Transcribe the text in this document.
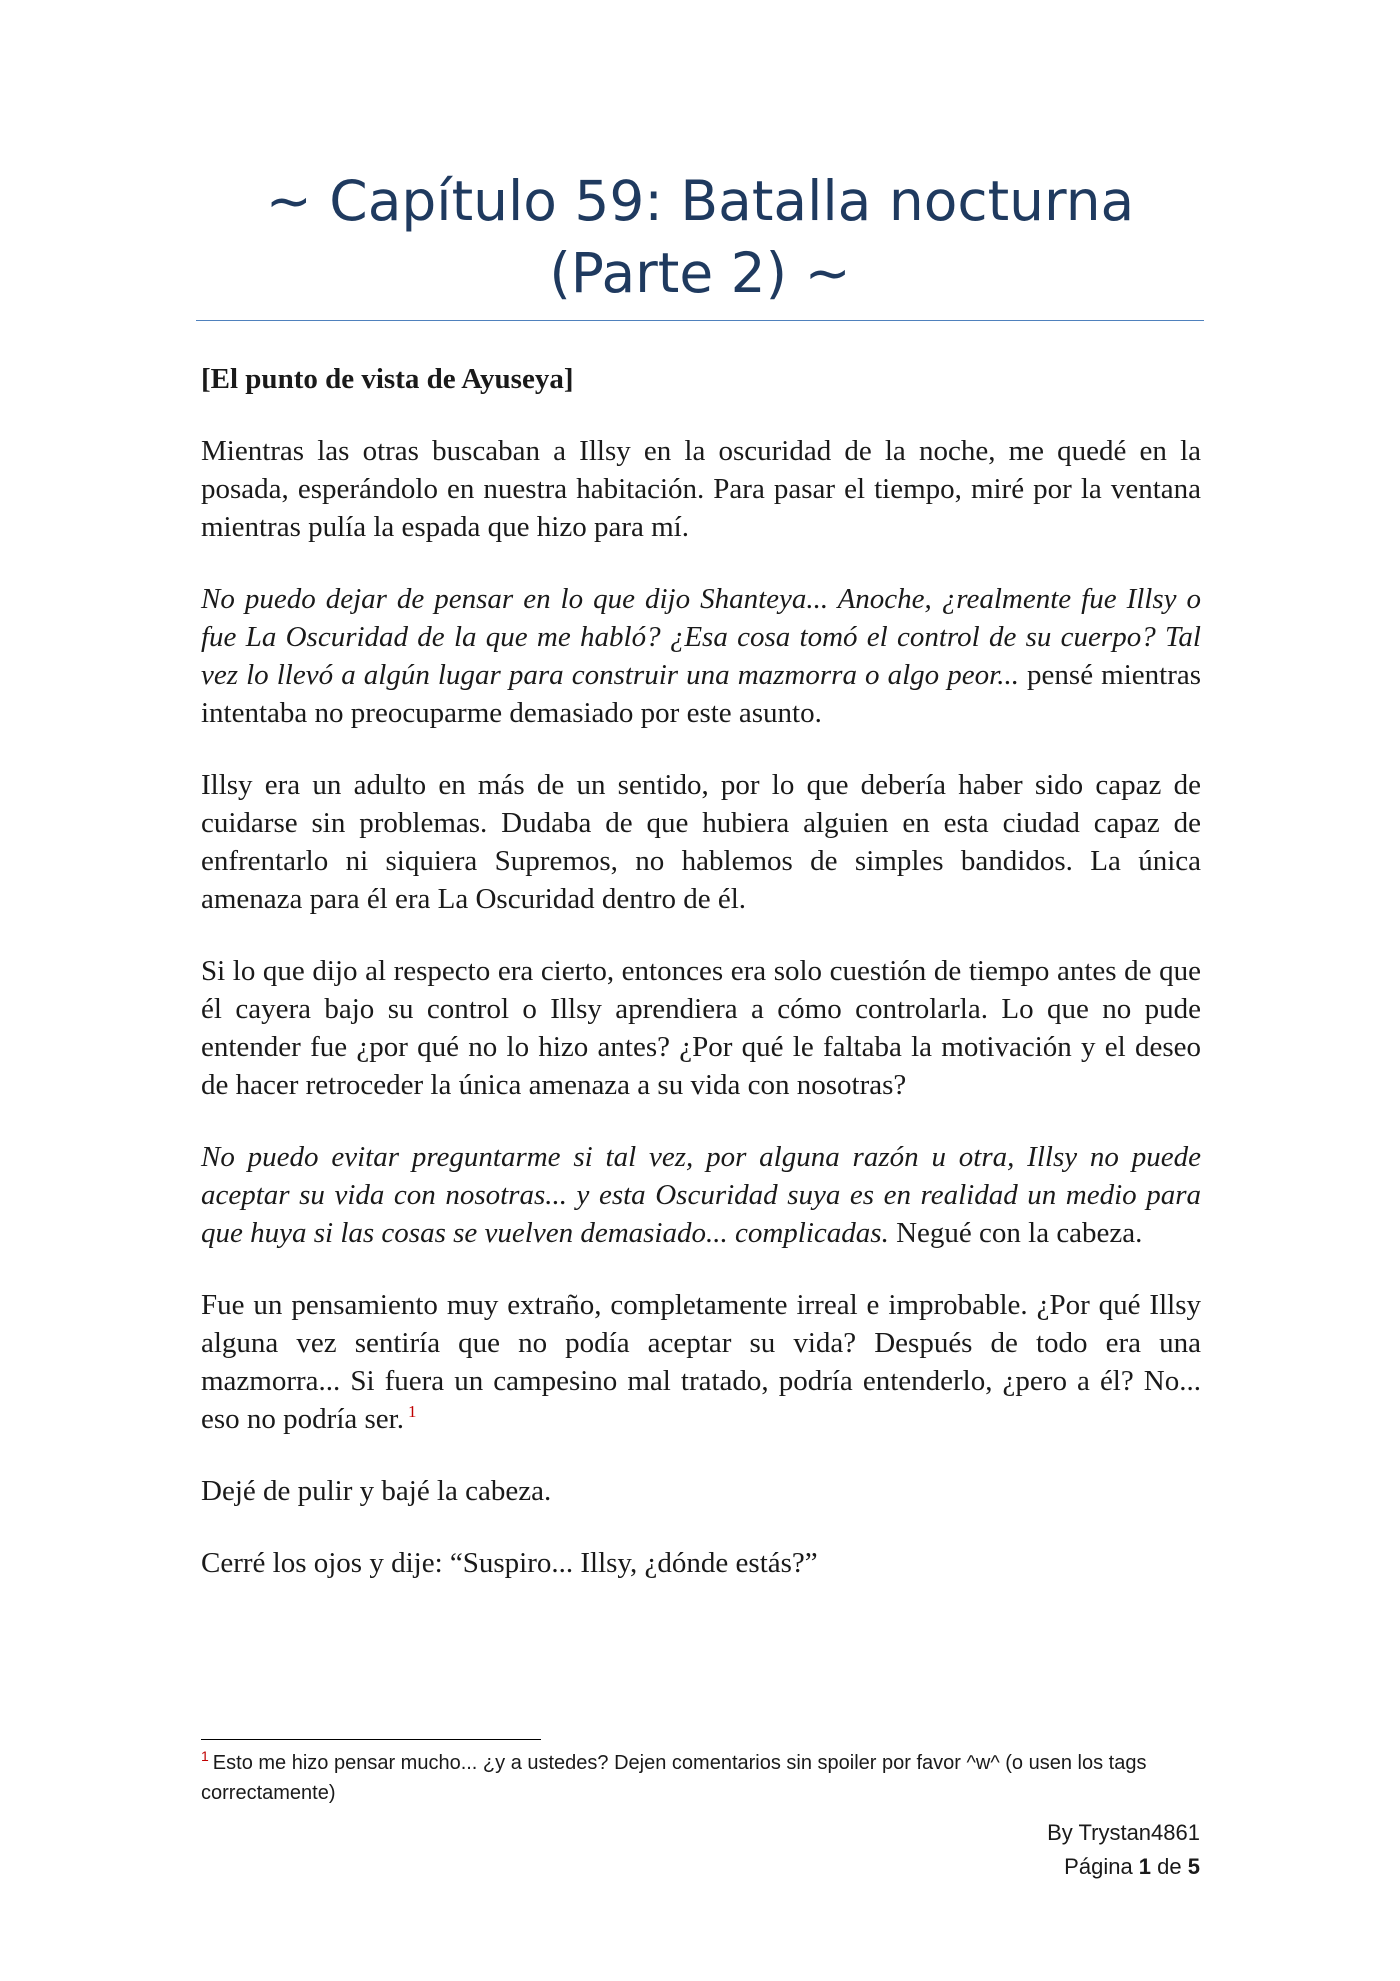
~ Capítulo 59: Batalla nocturna
(Parte 2) ~

[El punto de vista de Ayuseya]

Mientras las otras buscaban a Illsy en la oscuridad de la noche, me quedé en la posada, esperándolo en nuestra habitación. Para pasar el tiempo, miré por la ventana mientras pulía la espada que hizo para mí.

No puedo dejar de pensar en lo que dijo Shanteya... Anoche, ¿realmente fue Illsy o fue La Oscuridad de la que me habló? ¿Esa cosa tomó el control de su cuerpo? Tal vez lo llevó a algún lugar para construir una mazmorra o algo peor... pensé mientras intentaba no preocuparme demasiado por este asunto.

Illsy era un adulto en más de un sentido, por lo que debería haber sido capaz de cuidarse sin problemas. Dudaba de que hubiera alguien en esta ciudad capaz de enfrentarlo ni siquiera Supremos, no hablemos de simples bandidos. La única amenaza para él era La Oscuridad dentro de él.

Si lo que dijo al respecto era cierto, entonces era solo cuestión de tiempo antes de que él cayera bajo su control o Illsy aprendiera a cómo controlarla. Lo que no pude entender fue ¿por qué no lo hizo antes? ¿Por qué le faltaba la motivación y el deseo de hacer retroceder la única amenaza a su vida con nosotras?

No puedo evitar preguntarme si tal vez, por alguna razón u otra, Illsy no puede aceptar su vida con nosotras... y esta Oscuridad suya es en realidad un medio para que huya si las cosas se vuelven demasiado... complicadas. Negué con la cabeza.

Fue un pensamiento muy extraño, completamente irreal e improbable. ¿Por qué Illsy alguna vez sentiría que no podía aceptar su vida? Después de todo era una mazmorra... Si fuera un campesino mal tratado, podría entenderlo, ¿pero a él? No... eso no podría ser. $^1$

Dejé de pulir y bajé la cabeza.

Cerré los ojos y dije: “Suspiro... Illsy, ¿dónde estás?”

$^1$ Esto me hizo pensar mucho... ¿y a ustedes? Dejen comentarios sin spoiler por favor ^w^ (o usen los tags correctamente)
By Trystan4861
Página 1 de 5
